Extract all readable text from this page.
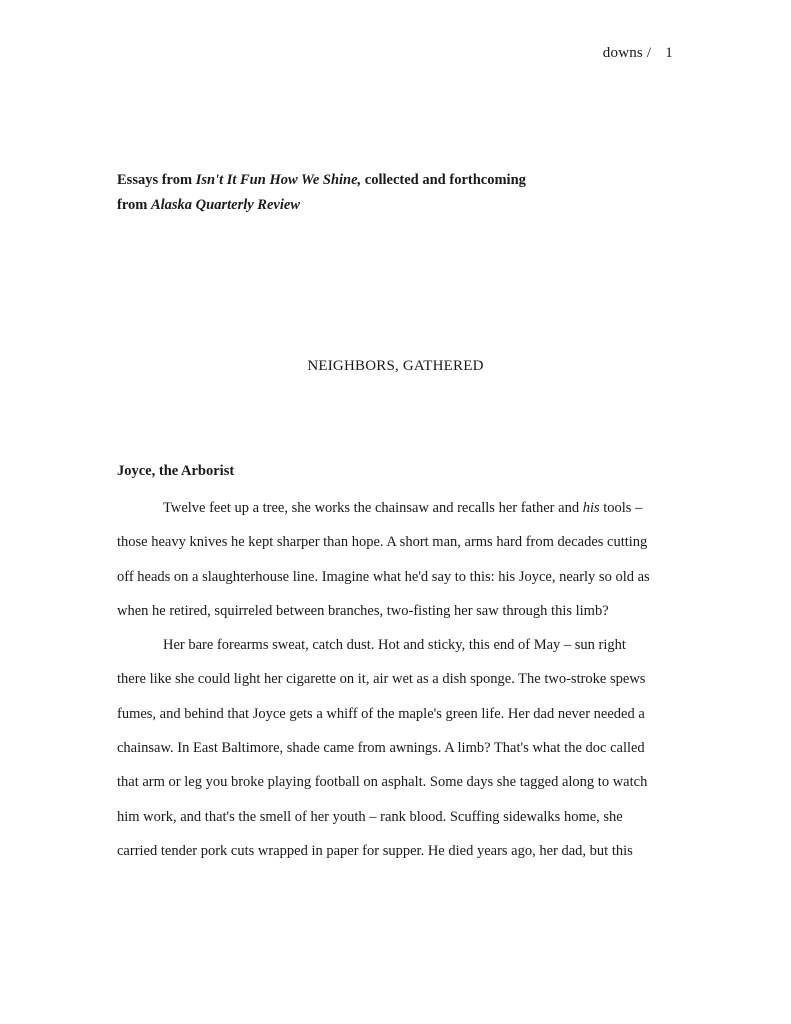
downs / 1
Essays from Isn't It Fun How We Shine, collected and forthcoming
from Alaska Quarterly Review
NEIGHBORS, GATHERED
Joyce, the Arborist
Twelve feet up a tree, she works the chainsaw and recalls her father and his tools –
those heavy knives he kept sharper than hope. A short man, arms hard from decades cutting
off heads on a slaughterhouse line. Imagine what he'd say to this: his Joyce, nearly so old as
when he retired, squirreled between branches, two-fisting her saw through this limb?
Her bare forearms sweat, catch dust. Hot and sticky, this end of May – sun right
there like she could light her cigarette on it, air wet as a dish sponge. The two-stroke spews
fumes, and behind that Joyce gets a whiff of the maple's green life. Her dad never needed a
chainsaw. In East Baltimore, shade came from awnings. A limb? That's what the doc called
that arm or leg you broke playing football on asphalt. Some days she tagged along to watch
him work, and that's the smell of her youth – rank blood. Scuffing sidewalks home, she
carried tender pork cuts wrapped in paper for supper. He died years ago, her dad, but this
